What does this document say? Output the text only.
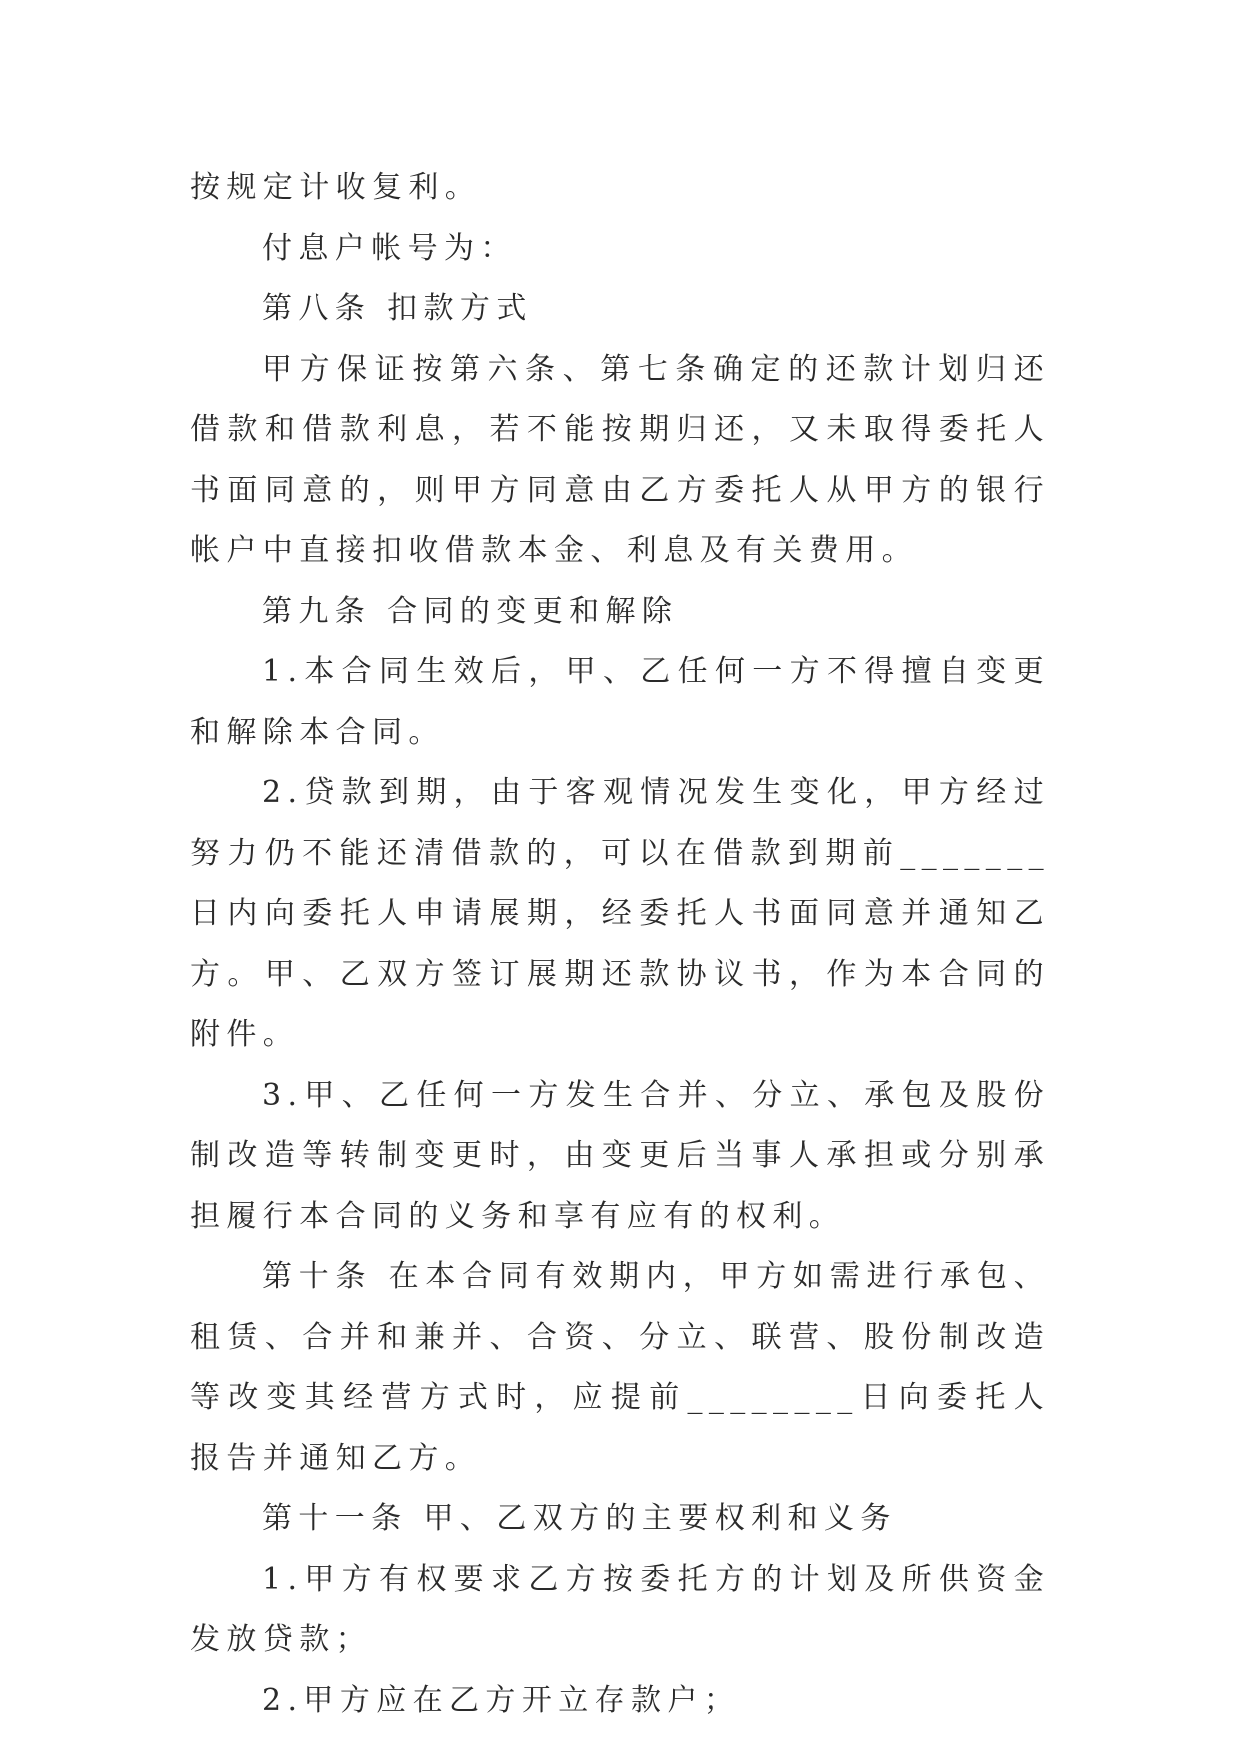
按规定计收复利。

付息户帐号为：

第八条 扣款方式

甲方保证按第六条、第七条确定的还款计划归还借款和借款利息，若不能按期归还，又未取得委托人书面同意的，则甲方同意由乙方委托人从甲方的银行帐户中直接扣收借款本金、利息及有关费用。

第九条 合同的变更和解除

1.本合同生效后，甲、乙任何一方不得擅自变更和解除本合同。

2.贷款到期，由于客观情况发生变化，甲方经过努力仍不能还清借款的，可以在借款到期前_______日内向委托人申请展期，经委托人书面同意并通知乙方。甲、乙双方签订展期还款协议书，作为本合同的附件。

3.甲、乙任何一方发生合并、分立、承包及股份制改造等转制变更时，由变更后当事人承担或分别承担履行本合同的义务和享有应有的权利。

第十条 在本合同有效期内，甲方如需进行承包、租赁、合并和兼并、合资、分立、联营、股份制改造等改变其经营方式时，应提前________日向委托人报告并通知乙方。

第十一条 甲、乙双方的主要权利和义务

1.甲方有权要求乙方按委托方的计划及所供资金发放贷款；

2.甲方应在乙方开立存款户；
